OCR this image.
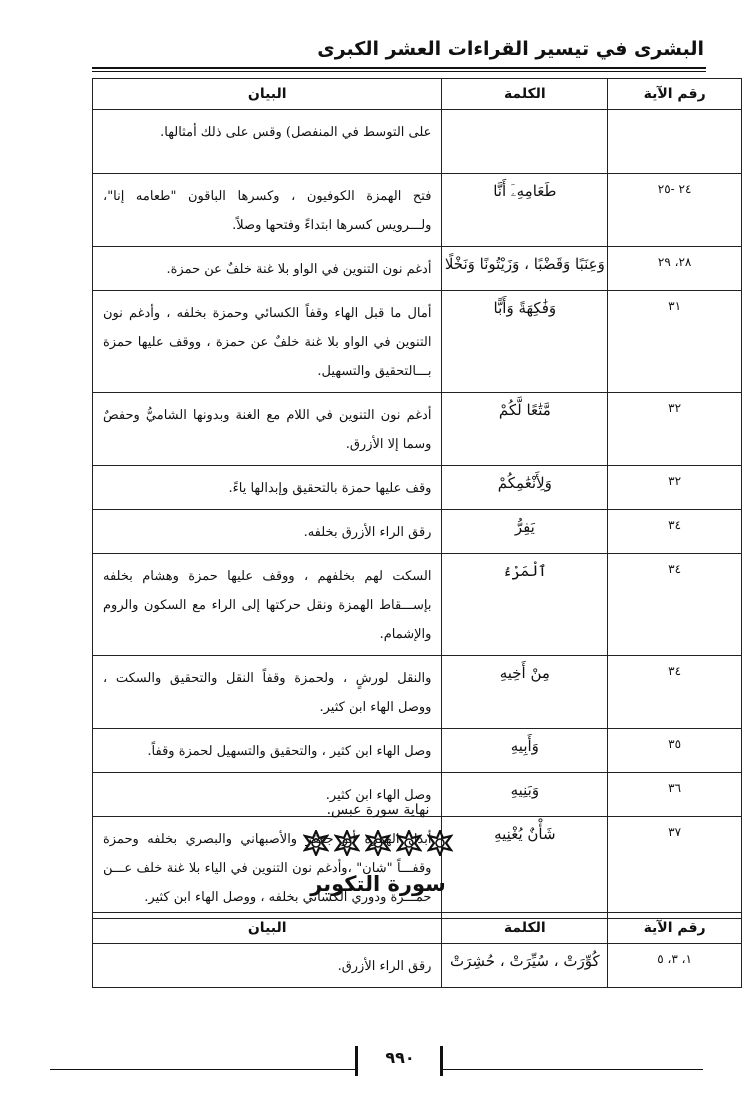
البشرى في تيسير القراءات العشر الكبرى
رقم الآية	الكلمة	البيان
		على التوسط في المنفصل) وقس على ذلك أمثالها.
٢٤ -٢٥	طَعَامِهِۦٓ أَنَّا	فتح الهمزة الكوفيون ، وكسرها الباقون "طعامه إنا"، ولـــرويس كسرها ابتداءً وفتحها وصلاً.
٢٨، ٢٩	وَعِنَبًا وَقَضْبًا ، وَزَيْتُونًا وَنَخْلًا	أدغم نون التنوين في الواو بلا غنة خلفٌ عن حمزة.
٣١	وَفَٰكِهَةً وَأَبًّا	أمال ما قبل الهاء وقفاً الكسائي وحمزة بخلفه ، وأدغم نون التنوين في الواو بلا غنة خلفٌ عن حمزة ، ووقف عليها حمزة بـــالتحقيق والتسهيل.
٣٢	مَّتَٰعًا لَّكُمْ	أدغم نون التنوين في اللام مع الغنة وبدونها الشاميُّ وحفصٌ وسما إلا الأزرق.
٣٢	وَلِأَنْعَٰمِكُمْ	وقف عليها حمزة بالتحقيق وإبدالها ياءً.
٣٤	يَفِرُّ	رقق الراء الأزرق بخلفه.
٣٤	ٱلْمَرْءُ	السكت لهم بخلفهم ، ووقف عليها حمزة وهشام بخلفه بإســـقاط الهمزة ونقل حركتها إلى الراء مع السكون والروم والإشمام.
٣٤	مِنْ أَخِيهِ	والنقل لورشٍ ، ولحمزة وقفاً النقل والتحقيق والسكت ، ووصل الهاء ابن كثير.
٣٥	وَأَبِيهِ	وصل الهاء ابن كثير ، والتحقيق والتسهيل لحمزة وقفاً.
٣٦	وَبَنِيهِ	وصل الهاء ابن كثير.
٣٧	شَأْنٌ يُغْنِيهِ	أبدل الهمزة أبو جعفر والأصبهاني والبصري بخلفه وحمزة وقفـــاً "شان" ،وأدغم نون التنوين في الياء بلا غنة خلف عـــن حمـــزة ودوري الكسائي بخلفه ، ووصل الهاء ابن كثير.
نهاية سورة عبس.

سورة التكوير
رقم الآية	الكلمة	البيان
١، ٣، ٥	كُوِّرَتْ ، سُيِّرَتْ ، حُشِرَتْ	رقق الراء الأزرق.
٩٩٠
